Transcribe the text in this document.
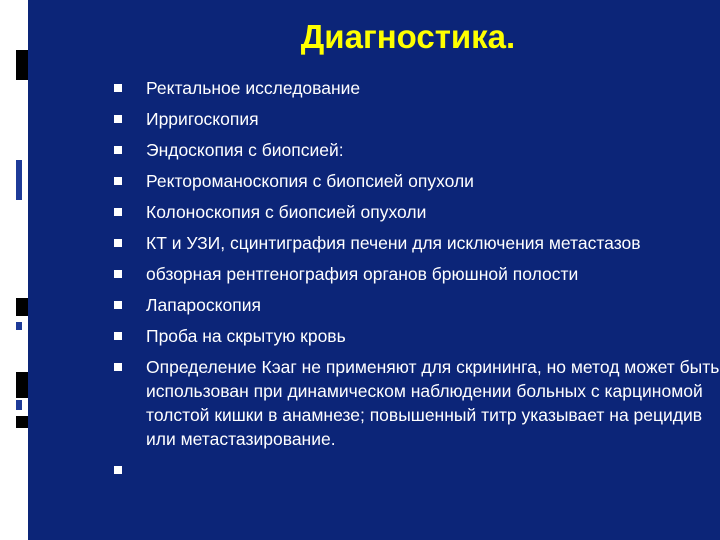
Диагностика.
Ректальное исследование
Ирригоскопия
Эндоскопия с биопсией:
Ректороманоскопия с биопсией опухоли
Колоноскопия с биопсией опухоли
КТ и УЗИ, сцинтиграфия печени для исключения метастазов
обзорная рентгенография органов брюшной полости
Лапароскопия
Проба на скрытую кровь
Определение Кэаг не применяют для скрининга, но метод может быть использован при динамическом наблюдении больных с карциномой толстой кишки в анамнезе; повышенный титр указывает на рецидив или метастазирование.
